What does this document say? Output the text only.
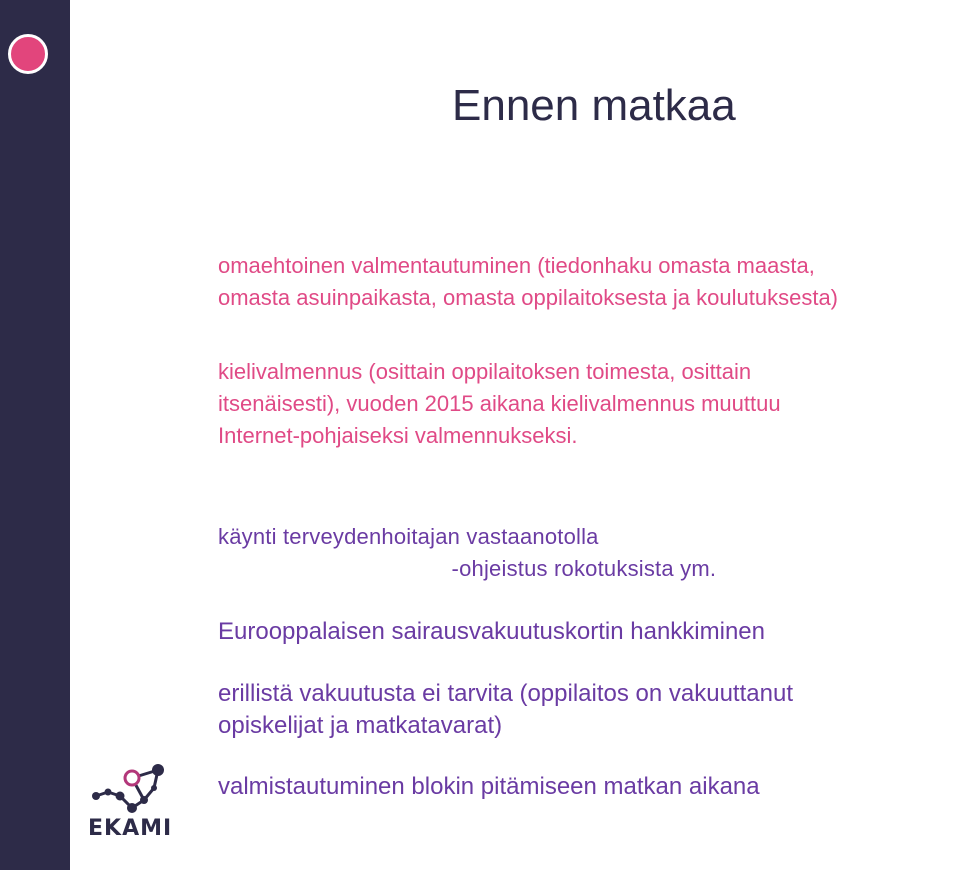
Ennen matkaa

omaehtoinen valmentautuminen (tiedonhaku omasta maasta,
omasta asuinpaikasta, omasta oppilaitoksesta ja koulutuksesta)

kielivalmennus (osittain oppilaitoksen toimesta, osittain
itsenäisesti), vuoden 2015 aikana kielivalmennus muuttuu
Internet-pohjaiseksi valmennukseksi.

käynti terveydenhoitajan vastaanotolla
-ohjeistus rokotuksista ym.

Eurooppalaisen sairausvakuutuskortin hankkiminen

erillistä vakuutusta ei tarvita (oppilaitos on vakuuttanut
opiskelijat ja matkatavarat)

valmistautuminen blokin pitämiseen matkan aikana

EKAMI
